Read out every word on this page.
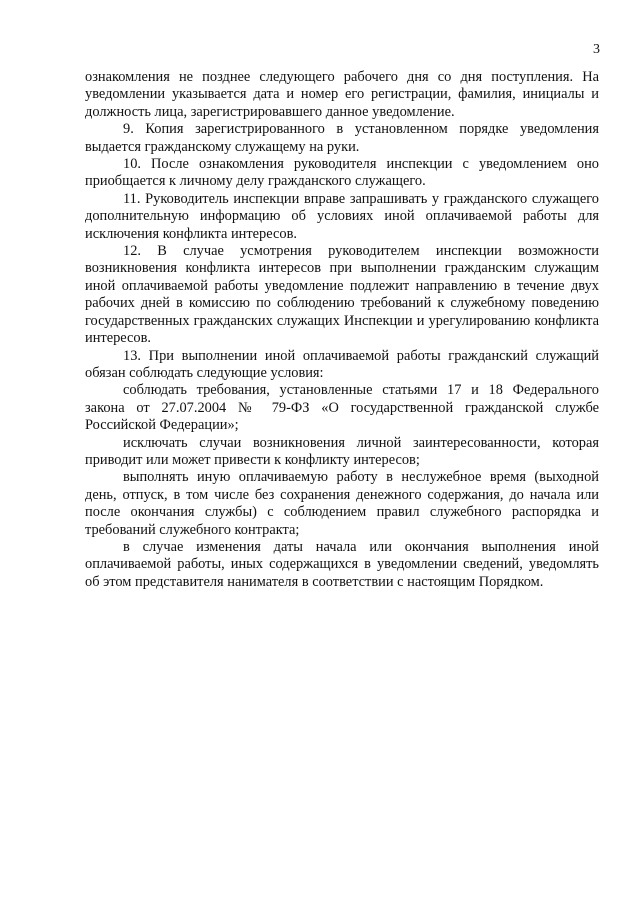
3

ознакомления не позднее следующего рабочего дня со дня поступления. На уведомлении указывается дата и номер его регистрации, фамилия, инициалы и должность лица, зарегистрировавшего данное уведомление.

9. Копия зарегистрированного в установленном порядке уведомления выдается гражданскому служащему на руки.

10. После ознакомления руководителя инспекции с уведомлением оно приобщается к личному делу гражданского служащего.

11. Руководитель инспекции вправе запрашивать у гражданского служащего дополнительную информацию об условиях иной оплачиваемой работы для исключения конфликта интересов.

12. В случае усмотрения руководителем инспекции возможности возникновения конфликта интересов при выполнении гражданским служащим иной оплачиваемой работы уведомление подлежит направлению в течение двух рабочих дней в комиссию по соблюдению требований к служебному поведению государственных гражданских служащих Инспекции и урегулированию конфликта интересов.

13. При выполнении иной оплачиваемой работы гражданский служащий обязан соблюдать следующие условия:

соблюдать требования, установленные статьями 17 и 18 Федерального закона от 27.07.2004 № 79-ФЗ «О государственной гражданской службе Российской Федерации»;

исключать случаи возникновения личной заинтересованности, которая приводит или может привести к конфликту интересов;

выполнять иную оплачиваемую работу в неслужебное время (выходной день, отпуск, в том числе без сохранения денежного содержания, до начала или после окончания службы) с соблюдением правил служебного распорядка и требований служебного контракта;

в случае изменения даты начала или окончания выполнения иной оплачиваемой работы, иных содержащихся в уведомлении сведений, уведомлять об этом представителя нанимателя в соответствии с настоящим Порядком.
